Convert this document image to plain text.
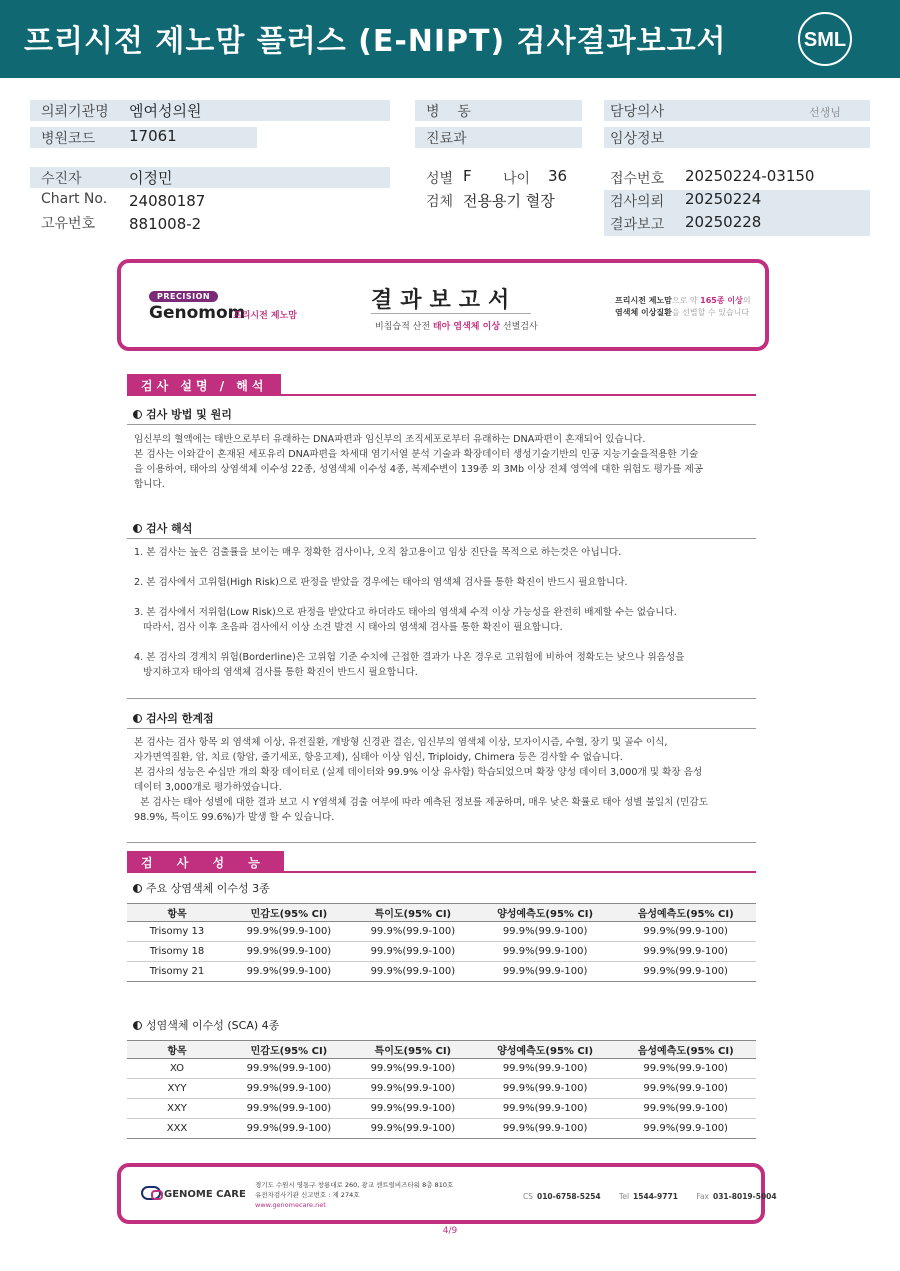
프리시전 제노맘 플러스 (E-NIPT) 검사결과보고서	SML
의뢰기관명 엠여성의원
병원코드 17061
병    동
진료과
담당의사	선생님
임상정보
수진자	이정민
Chart No. 24080187
고유번호 881008-2
성별 F 나이 36
검체 전용용기 혈장
접수번호 20250224-03150
검사의뢰 20250224
결과보고 20250228
PRECISION
Genomom
프리시전 제노맘
결과보고서
비침습적 산전 태아 염색체 이상 선별검사
프리시전 제노맘으로 약 165종 이상의
염색체 이상질환을 선별할 수 있습니다
검사 설명 / 해석
검사 방법 및 원리

임신부의 혈액에는 태반으로부터 유래하는 DNA파편과 임신부의 조직세포로부터 유래하는 DNA파편이 혼재되어 있습니다.

본 검사는 이와같이 혼재된 세포유리 DNA파편을 차세대 염기서열 분석 기술과 확장데이터 생성기술기반의 인공 지능기술을적용한 기술

을 이용하여, 태아의 상염색체 이수성 22종, 성염색체 이수성 4종, 복제수변이 139종 외 3Mb 이상 전체 영역에 대한 위험도 평가를 제공

합니다.

검사 해석

1. 본 검사는 높은 검출률을 보이는 매우 정확한 검사이나, 오직 참고용이고 임상 진단을 목적으로 하는것은 아닙니다.

2. 본 검사에서 고위험(High Risk)으로 판정을 받았을 경우에는 태아의 염색체 검사를 통한 확진이 반드시 필요합니다.

3. 본 검사에서 저위험(Low Risk)으로 판정을 받았다고 하더라도 태아의 염색체 수적 이상 가능성을 완전히 배제할 수는 없습니다.

따라서, 검사 이후 초음파 검사에서 이상 소견 발견 시 태아의 염색체 검사를 통한 확진이 필요합니다.

4. 본 검사의 경계치 위험(Borderline)은 고위험 기준 수치에 근접한 결과가 나온 경우로 고위험에 비하여 정확도는 낮으나 위음성을

방지하고자 태아의 염색체 검사를 통한 확진이 반드시 필요합니다.

검사의 한계점

본 검사는 검사 항목 외 염색체 이상, 유전질환, 개방형 신경관 결손, 임신부의 염색체 이상, 모자이시즘, 수혈, 장기 및 골수 이식,

자가면역질환, 암, 치료 (항암, 줄기세포, 항응고제), 심태아 이상 임신, Triploidy, Chimera 등은 검사할 수 없습니다.

본 검사의 성능은 수십만 개의 확장 데이터로 (실제 데이터와 99.9% 이상 유사함) 학습되었으며 확장 양성 데이터 3,000개 및 확장 음성

데이터 3,000개로 평가하였습니다.

본 검사는 태아 성별에 대한 결과 보고 시 Y염색체 검출 여부에 따라 예측된 정보를 제공하며, 매우 낮은 확률로 태아 성별 불일치 (민감도

98.9%, 특이도 99.6%)가 발생 할 수 있습니다.

검 사 성 능
주요 상염색체 이수성 3종
항목	민감도(95% CI)	특이도(95% CI)	양성예측도(95% CI)	음성예측도(95% CI)
Trisomy 13	99.9%(99.9-100)	99.9%(99.9-100)	99.9%(99.9-100)	99.9%(99.9-100)
Trisomy 18	99.9%(99.9-100)	99.9%(99.9-100)	99.9%(99.9-100)	99.9%(99.9-100)
Trisomy 21	99.9%(99.9-100)	99.9%(99.9-100)	99.9%(99.9-100)	99.9%(99.9-100)
성염색체 이수성 (SCA) 4종
항목	민감도(95% CI)	특이도(95% CI)	양성예측도(95% CI)	음성예측도(95% CI)
XO	99.9%(99.9-100)	99.9%(99.9-100)	99.9%(99.9-100)	99.9%(99.9-100)
XYY	99.9%(99.9-100)	99.9%(99.9-100)	99.9%(99.9-100)	99.9%(99.9-100)
XXY	99.9%(99.9-100)	99.9%(99.9-100)	99.9%(99.9-100)	99.9%(99.9-100)
XXX	99.9%(99.9-100)	99.9%(99.9-100)	99.9%(99.9-100)	99.9%(99.9-100)
GENOME CARE
경기도 수원시 영통구 창룡대로 260, 광교 센트럴비즈타워 8층 810호
유전자검사기관 신고번호 : 제 274호
www.genomecare.net
CS 010-6758-5254 Tel 1544-9771 Fax 031-8019-5004
4/9
